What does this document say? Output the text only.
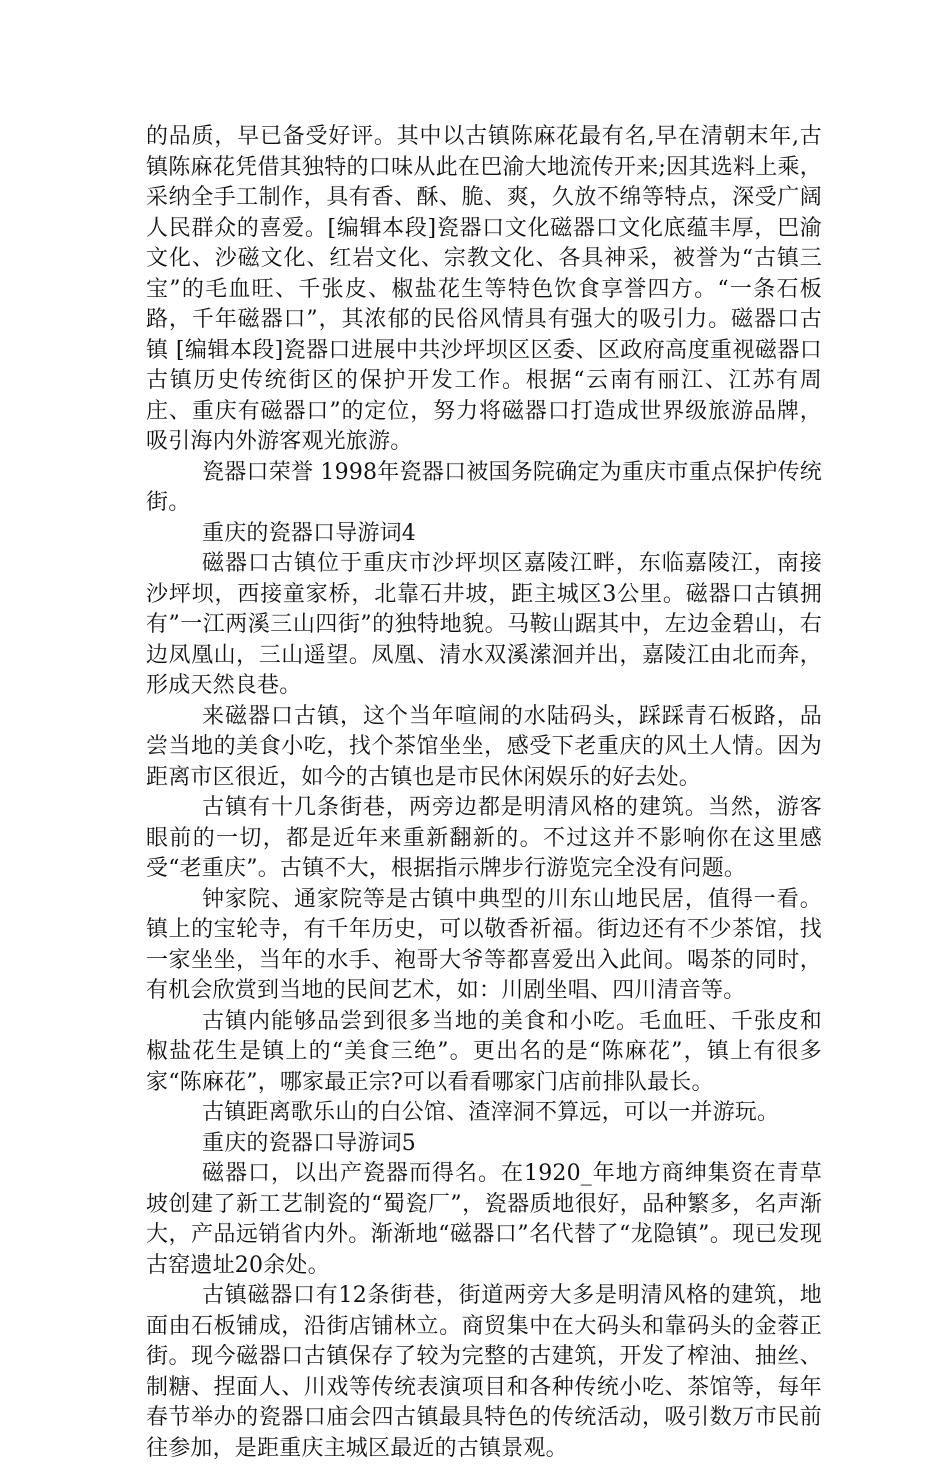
的品质，早已备受好评。其中以古镇陈麻花最有名,早在清朝末年,古镇陈麻花凭借其独特的口味从此在巴渝大地流传开来;因其选料上乘，采纳全手工制作，具有香、酥、脆、爽，久放不绵等特点，深受广阔人民群众的喜爱。[编辑本段]瓷器口文化磁器口文化底蕴丰厚，巴渝文化、沙磁文化、红岩文化、宗教文化、各具神采，被誉为“古镇三宝”的毛血旺、千张皮、椒盐花生等特色饮食享誉四方。“一条石板路，千年磁器口”，其浓郁的民俗风情具有强大的吸引力。磁器口古镇 [编辑本段]瓷器口进展中共沙坪坝区区委、区政府高度重视磁器口古镇历史传统街区的保护开发工作。根据“云南有丽江、江苏有周庄、重庆有磁器口”的定位，努力将磁器口打造成世界级旅游品牌，吸引海内外游客观光旅游。

瓷器口荣誉 1998年瓷器口被国务院确定为重庆市重点保护传统街。

重庆的瓷器口导游词4

磁器口古镇位于重庆市沙坪坝区嘉陵江畔，东临嘉陵江，南接沙坪坝，西接童家桥，北靠石井坡，距主城区3公里。磁器口古镇拥有”一江两溪三山四街”的独特地貌。马鞍山踞其中，左边金碧山，右边凤凰山，三山遥望。凤凰、清水双溪潆洄并出，嘉陵江由北而奔，形成天然良巷。

来磁器口古镇，这个当年喧闹的水陆码头，踩踩青石板路，品尝当地的美食小吃，找个茶馆坐坐，感受下老重庆的风土人情。因为距离市区很近，如今的古镇也是市民休闲娱乐的好去处。

古镇有十几条街巷，两旁边都是明清风格的建筑。当然，游客眼前的一切，都是近年来重新翻新的。不过这并不影响你在这里感受“老重庆”。古镇不大，根据指示牌步行游览完全没有问题。

钟家院、通家院等是古镇中典型的川东山地民居，值得一看。镇上的宝轮寺，有千年历史，可以敬香祈福。街边还有不少茶馆，找一家坐坐，当年的水手、袍哥大爷等都喜爱出入此间。喝茶的同时，有机会欣赏到当地的民间艺术，如：川剧坐唱、四川清音等。

古镇内能够品尝到很多当地的美食和小吃。毛血旺、千张皮和椒盐花生是镇上的“美食三绝”。更出名的是“陈麻花”，镇上有很多家“陈麻花”，哪家最正宗?可以看看哪家门店前排队最长。

古镇距离歌乐山的白公馆、渣滓洞不算远，可以一并游玩。

重庆的瓷器口导游词5

磁器口，以出产瓷器而得名。在1920_年地方商绅集资在青草坡创建了新工艺制瓷的“蜀瓷厂”，瓷器质地很好，品种繁多，名声渐大，产品远销省内外。渐渐地“磁器口”名代替了“龙隐镇”。现已发现古窑遗址20余处。

古镇磁器口有12条街巷，街道两旁大多是明清风格的建筑，地面由石板铺成，沿街店铺林立。商贸集中在大码头和靠码头的金蓉正街。现今磁器口古镇保存了较为完整的古建筑，开发了榨油、抽丝、制糖、捏面人、川戏等传统表演项目和各种传统小吃、茶馆等，每年春节举办的瓷器口庙会四古镇最具特色的传统活动，吸引数万市民前往参加，是距重庆主城区最近的古镇景观。
